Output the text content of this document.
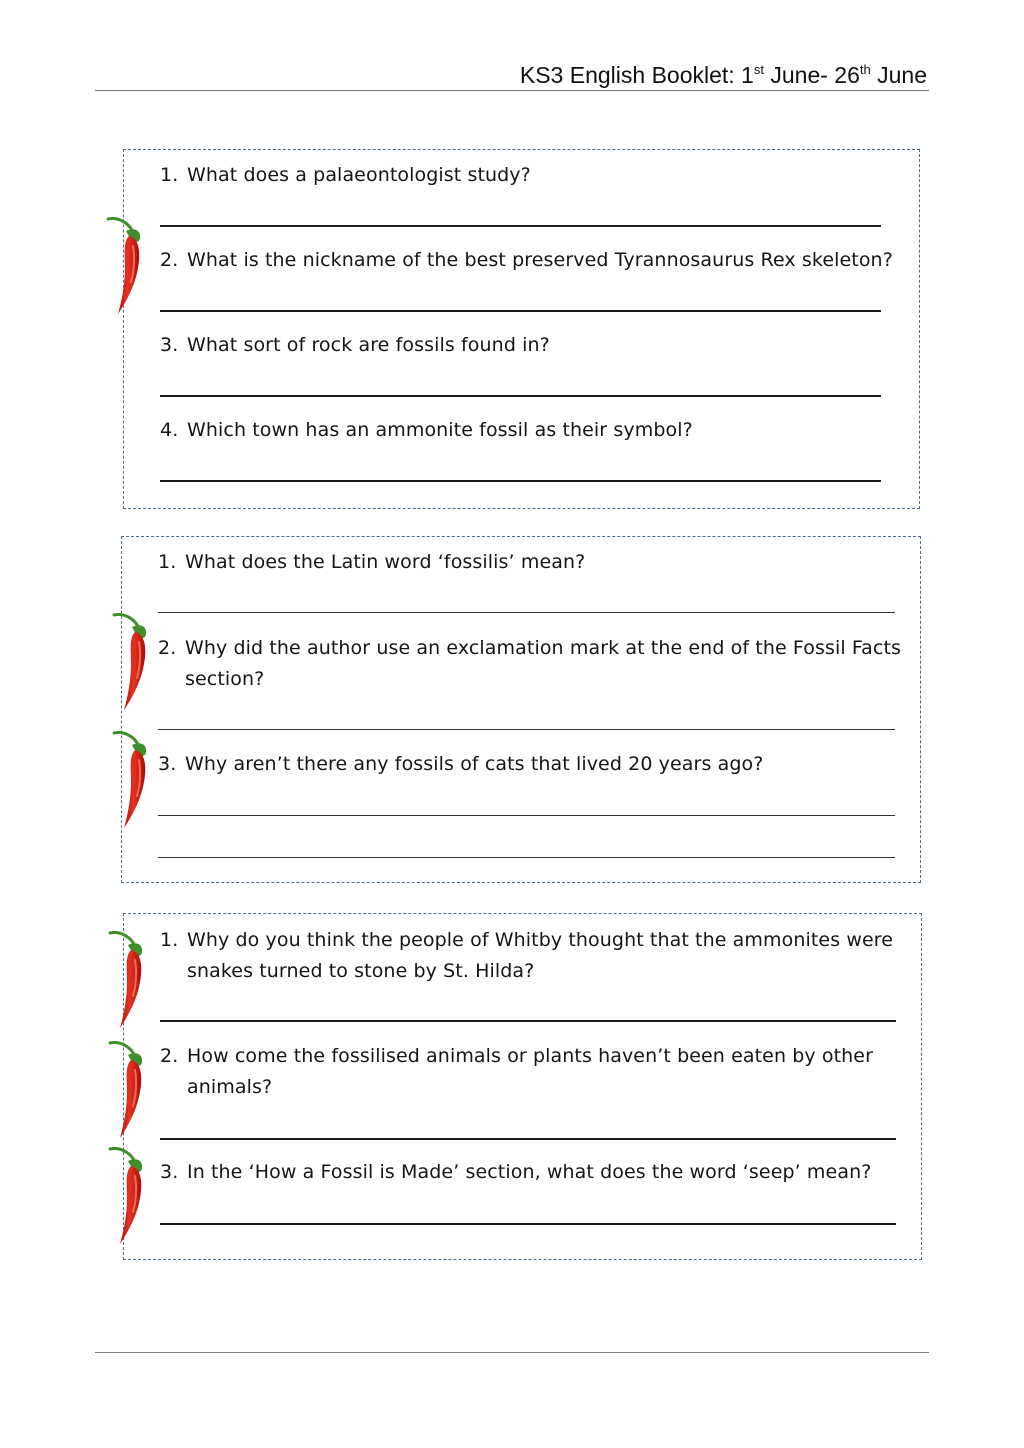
KS3 English Booklet: 1st June- 26th June
1. What does a palaeontologist study?
2. What is the nickname of the best preserved Tyrannosaurus Rex skeleton?
3. What sort of rock are fossils found in?
4. Which town has an ammonite fossil as their symbol?
1. What does the Latin word ‘fossilis’ mean?
2. Why did the author use an exclamation mark at the end of the Fossil Facts
section?
3. Why aren’t there any fossils of cats that lived 20 years ago?
1. Why do you think the people of Whitby thought that the ammonites were
snakes turned to stone by St. Hilda?
2. How come the fossilised animals or plants haven’t been eaten by other
animals?
3. In the ‘How a Fossil is Made’ section, what does the word ‘seep’ mean?
